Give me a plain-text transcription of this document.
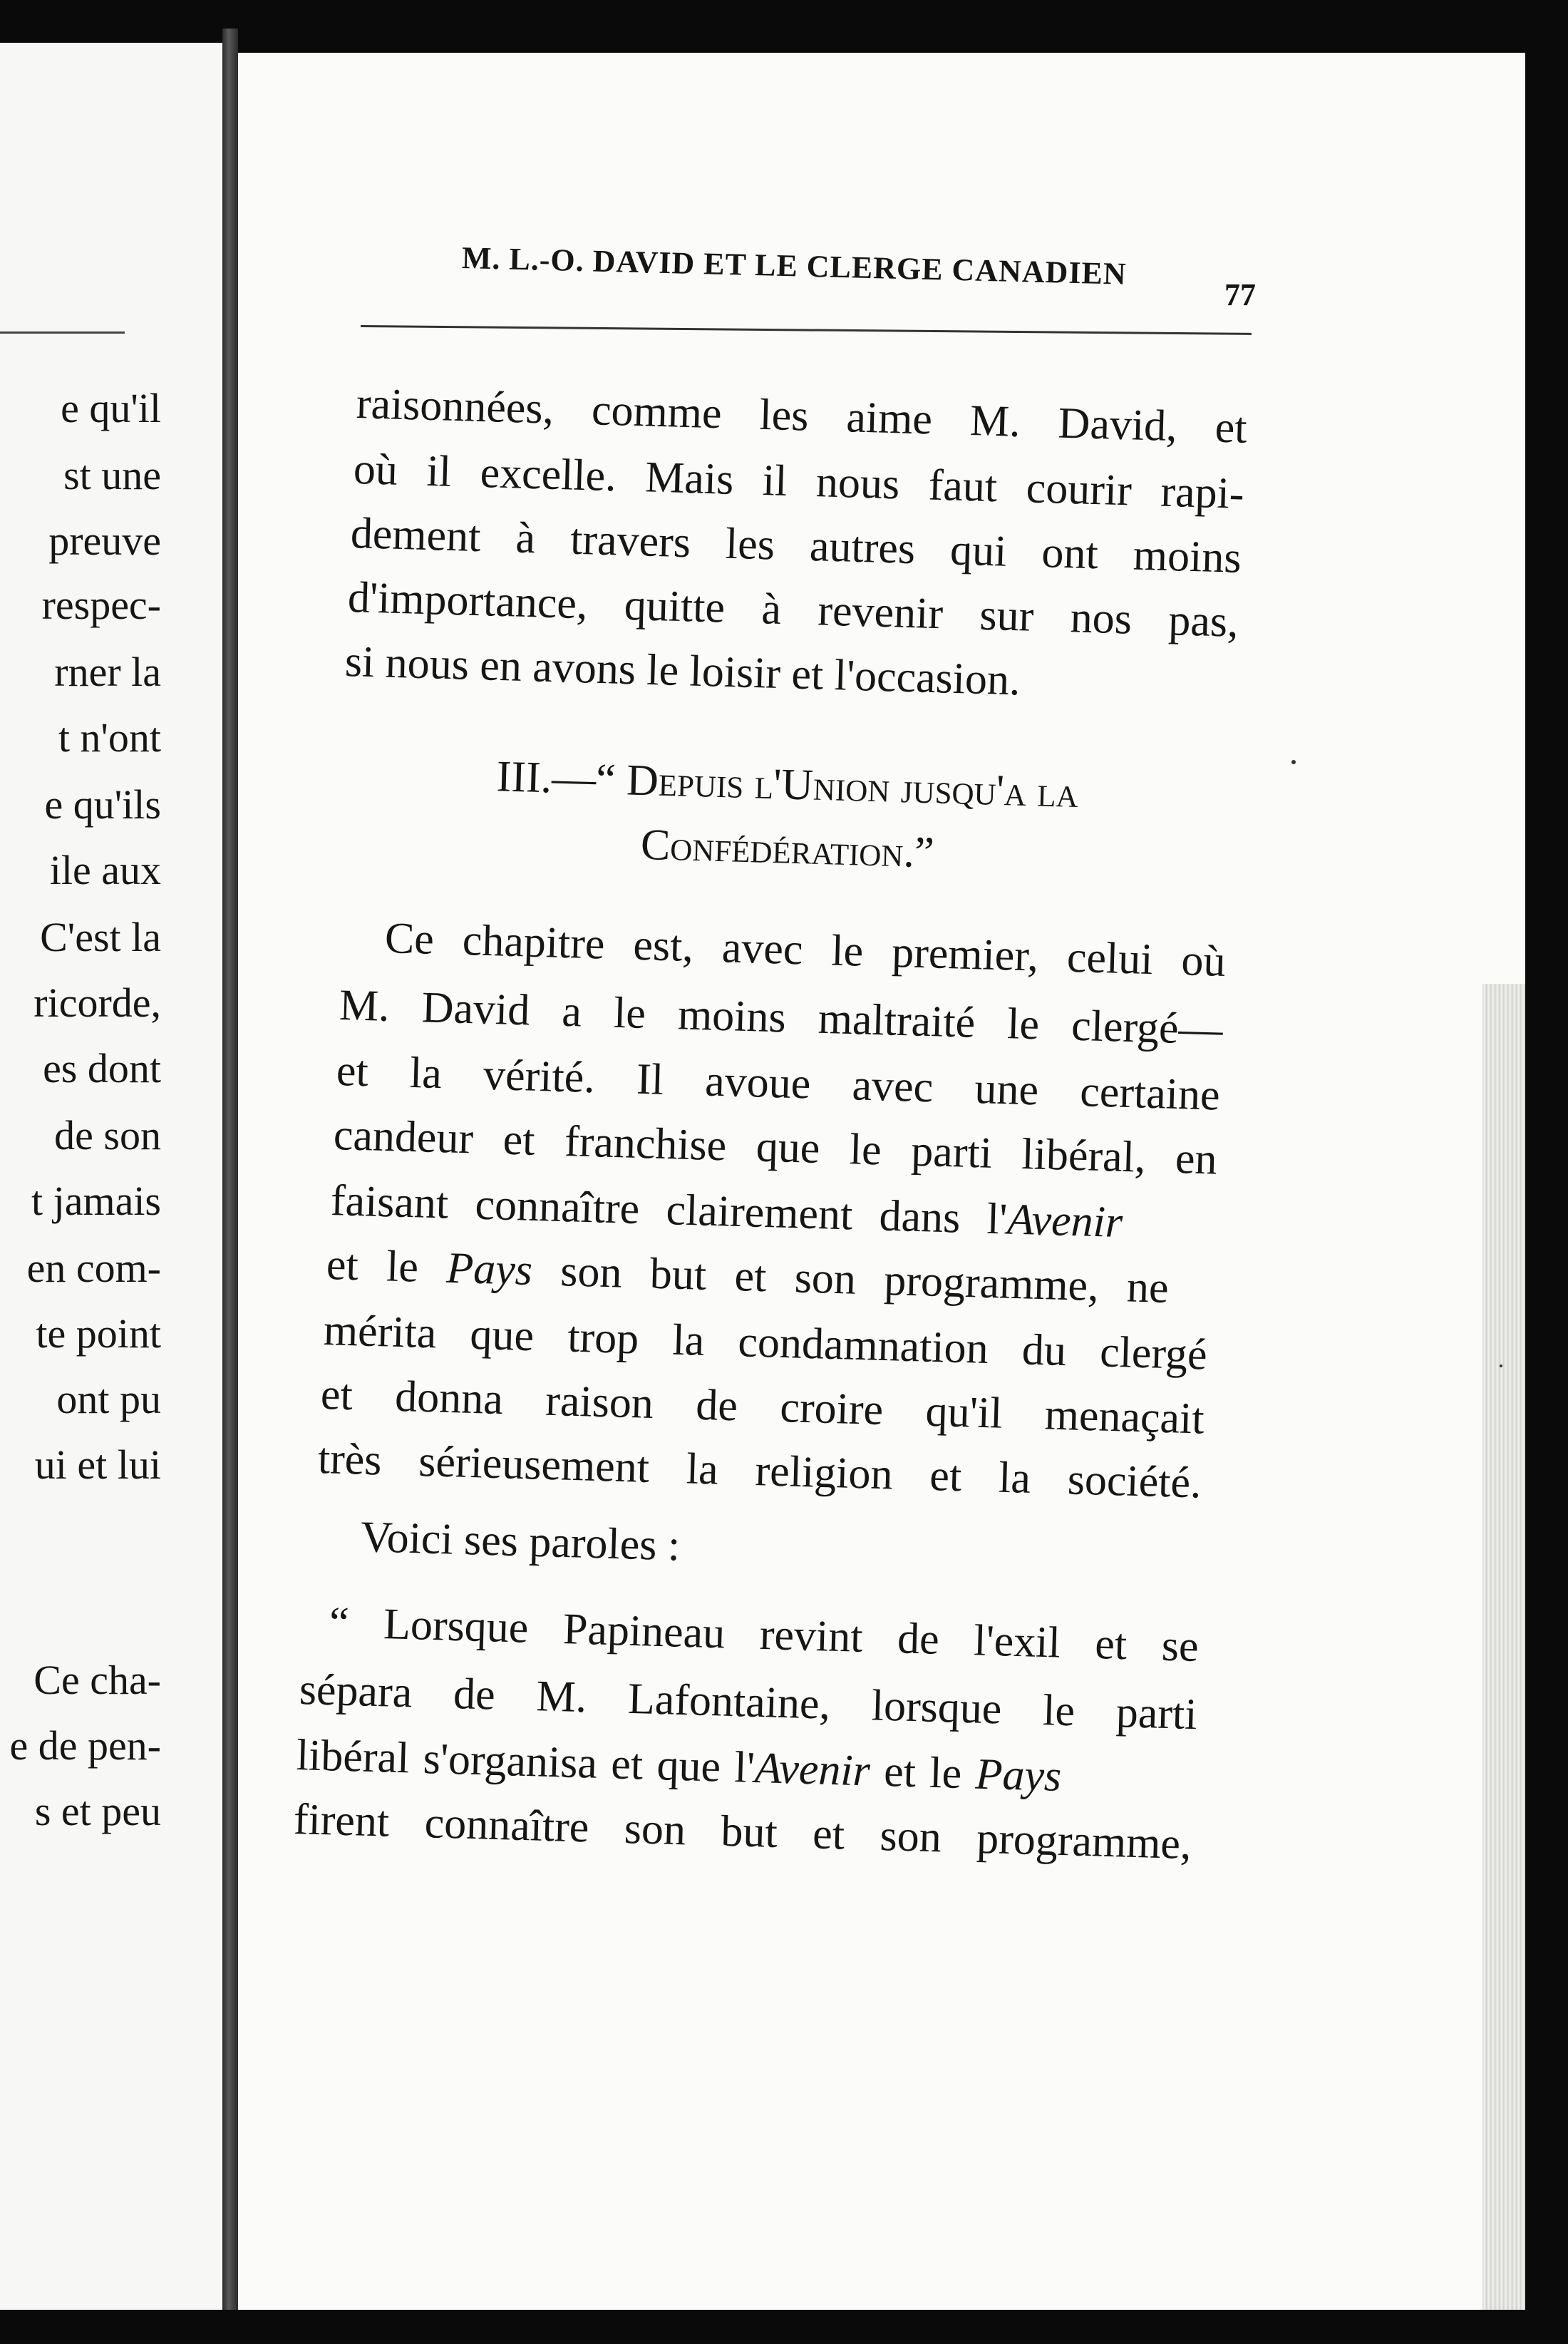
e qu'il
st une
preuve
respec-
rner la
t n'ont
e qu'ils
ile aux
C'est la
ricorde,
es dont
de son
t jamais
en com-
te point
ont pu
ui et lui
Ce cha-
e de pen-
s et peu
M. L.-O. DAVID ET LE CLERGE CANADIEN
77
raisonnées, comme les aime M. David, et
où il excelle. Mais il nous faut courir rapi-
dement à travers les autres qui ont moins
d'importance, quitte à revenir sur nos pas,
si nous en avons le loisir et l'occasion.
III.—“ Depuis l'Union jusqu'a la
Confédération.”
Ce chapitre est, avec le premier, celui où
M. David a le moins maltraité le clergé—
et la vérité. Il avoue avec une certaine
candeur et franchise que le parti libéral, en
faisant connaître clairement dans l'Avenir
et le Pays son but et son programme, ne
mérita que trop la condamnation du clergé
et donna raison de croire qu'il menaçait
très sérieusement la religion et la société.
Voici ses paroles :
“ Lorsque Papineau revint de l'exil et se
sépara de M. Lafontaine, lorsque le parti
libéral s'organisa et que l'Avenir et le Pays
firent connaître son but et son programme,
